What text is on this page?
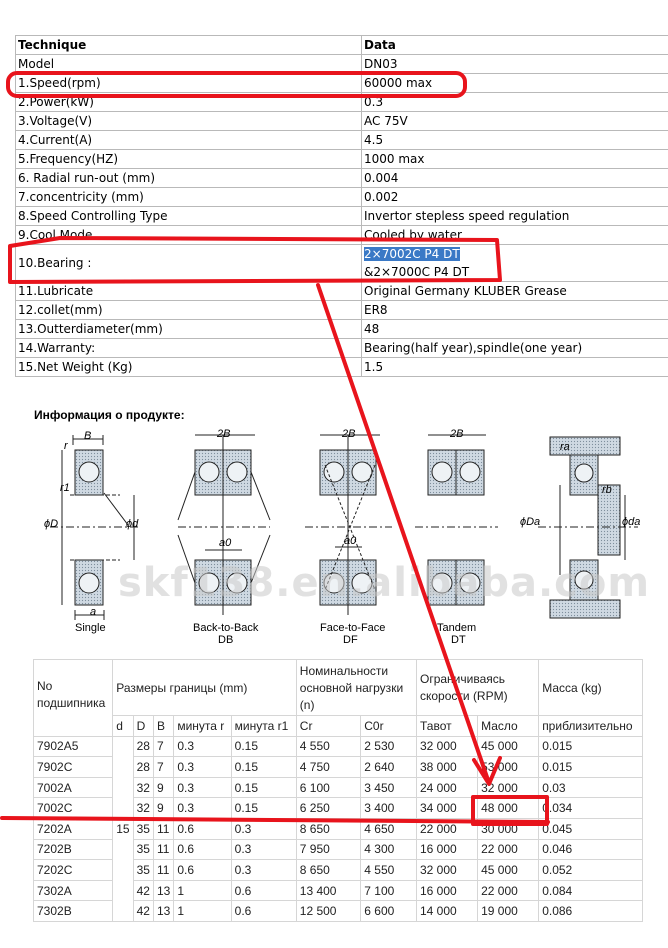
Technique	Data
Model	DN03
1.Speed(rpm)	60000 max
2.Power(kW)	0.3
3.Voltage(V)	AC 75V
4.Current(A)	4.5
5.Frequency(HZ)	1000 max
6. Radial run-out (mm)	0.004
7.concentricity (mm)	0.002
8.Speed Controlling Type	Invertor stepless speed regulation
9.Cool Mode	Cooled by water
10.Bearing :	2×7002C P4 DT
&2×7000C P4 DT
11.Lubricate	Original Germany KLUBER Grease
12.collet(mm)	ER8
13.Outterdiameter(mm)	48
14.Warranty:	Bearing(half year),spindle(one year)
15.Net Weight (Kg)	1.5
Информация о продукте:
B
r
r1
ϕD	ϕd
a
Single
2B
a0
Back-to-Back
DB
2B
a0
Face-to-Face
DF
2B
Tandem
DT
ra
rb
ϕDa	ϕda
skf138.en.alibaba.com
No подшипника	Размеры границы (mm)					Номинальности основной нагрузки (n)		Ограничиваясь скорости (RPM)		Масса (kg)
	d	D	B	минута r	минута r1	Cr	C0r	Тавот	Масло	приблизительно
7902A5	15	28	7	0.3	0.15	4 550	2 530	32 000	45 000	0.015
7902C		28	7	0.3	0.15	4 750	2 640	38 000	53 000	0.015
7002A		32	9	0.3	0.15	6 100	3 450	24 000	32 000	0.03
7002C		32	9	0.3	0.15	6 250	3 400	34 000	48 000	0.034
7202A		35	11	0.6	0.3	8 650	4 650	22 000	30 000	0.045
7202B		35	11	0.6	0.3	7 950	4 300	16 000	22 000	0.046
7202C		35	11	0.6	0.3	8 650	4 550	32 000	45 000	0.052
7302A		42	13	1	0.6	13 400	7 100	16 000	22 000	0.084
7302B		42	13	1	0.6	12 500	6 600	14 000	19 000	0.086
